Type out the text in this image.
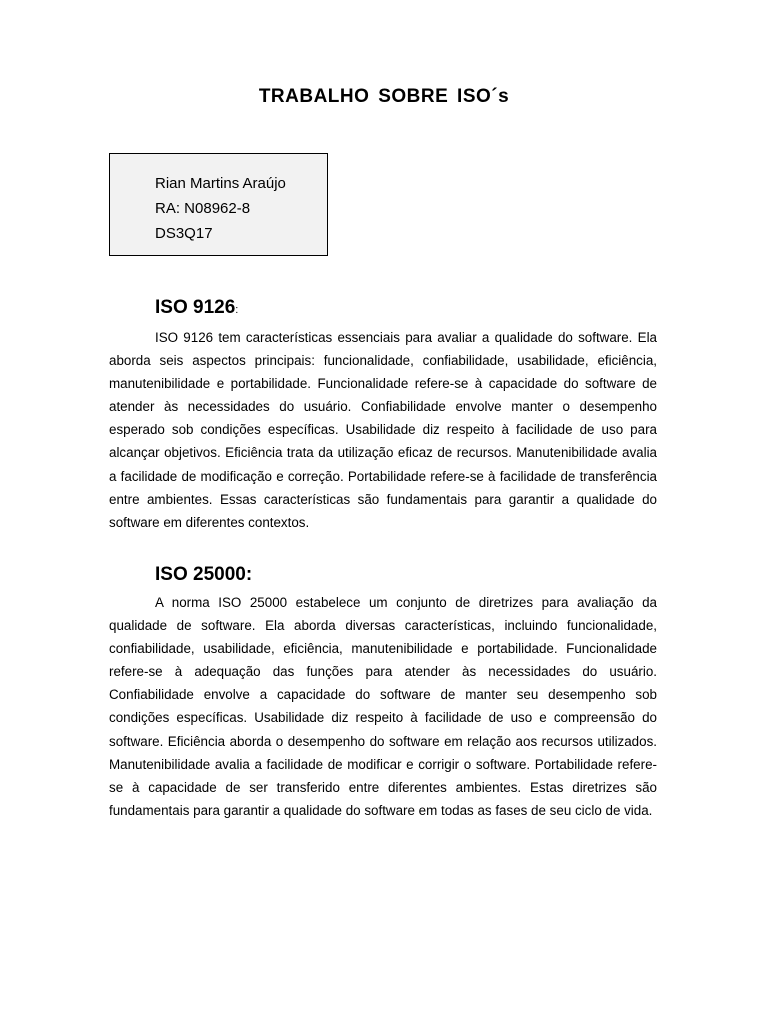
TRABALHO SOBRE ISO´s
Rian Martins Araújo
RA: N08962-8
DS3Q17
ISO 9126:

ISO 9126 tem características essenciais para avaliar a qualidade do software. Ela aborda seis aspectos principais: funcionalidade, confiabilidade, usabilidade, eficiência, manutenibilidade e portabilidade. Funcionalidade refere-se à capacidade do software de atender às necessidades do usuário. Confiabilidade envolve manter o desempenho esperado sob condições específicas. Usabilidade diz respeito à facilidade de uso para alcançar objetivos. Eficiência trata da utilização eficaz de recursos. Manutenibilidade avalia a facilidade de modificação e correção. Portabilidade refere-se à facilidade de transferência entre ambientes. Essas características são fundamentais para garantir a qualidade do software em diferentes contextos.

ISO 25000:

A norma ISO 25000 estabelece um conjunto de diretrizes para avaliação da qualidade de software. Ela aborda diversas características, incluindo funcionalidade, confiabilidade, usabilidade, eficiência, manutenibilidade e portabilidade. Funcionalidade refere-se à adequação das funções para atender às necessidades do usuário. Confiabilidade envolve a capacidade do software de manter seu desempenho sob condições específicas. Usabilidade diz respeito à facilidade de uso e compreensão do software. Eficiência aborda o desempenho do software em relação aos recursos utilizados. Manutenibilidade avalia a facilidade de modificar e corrigir o software. Portabilidade refere-se à capacidade de ser transferido entre diferentes ambientes. Estas diretrizes são fundamentais para garantir a qualidade do software em todas as fases de seu ciclo de vida.
